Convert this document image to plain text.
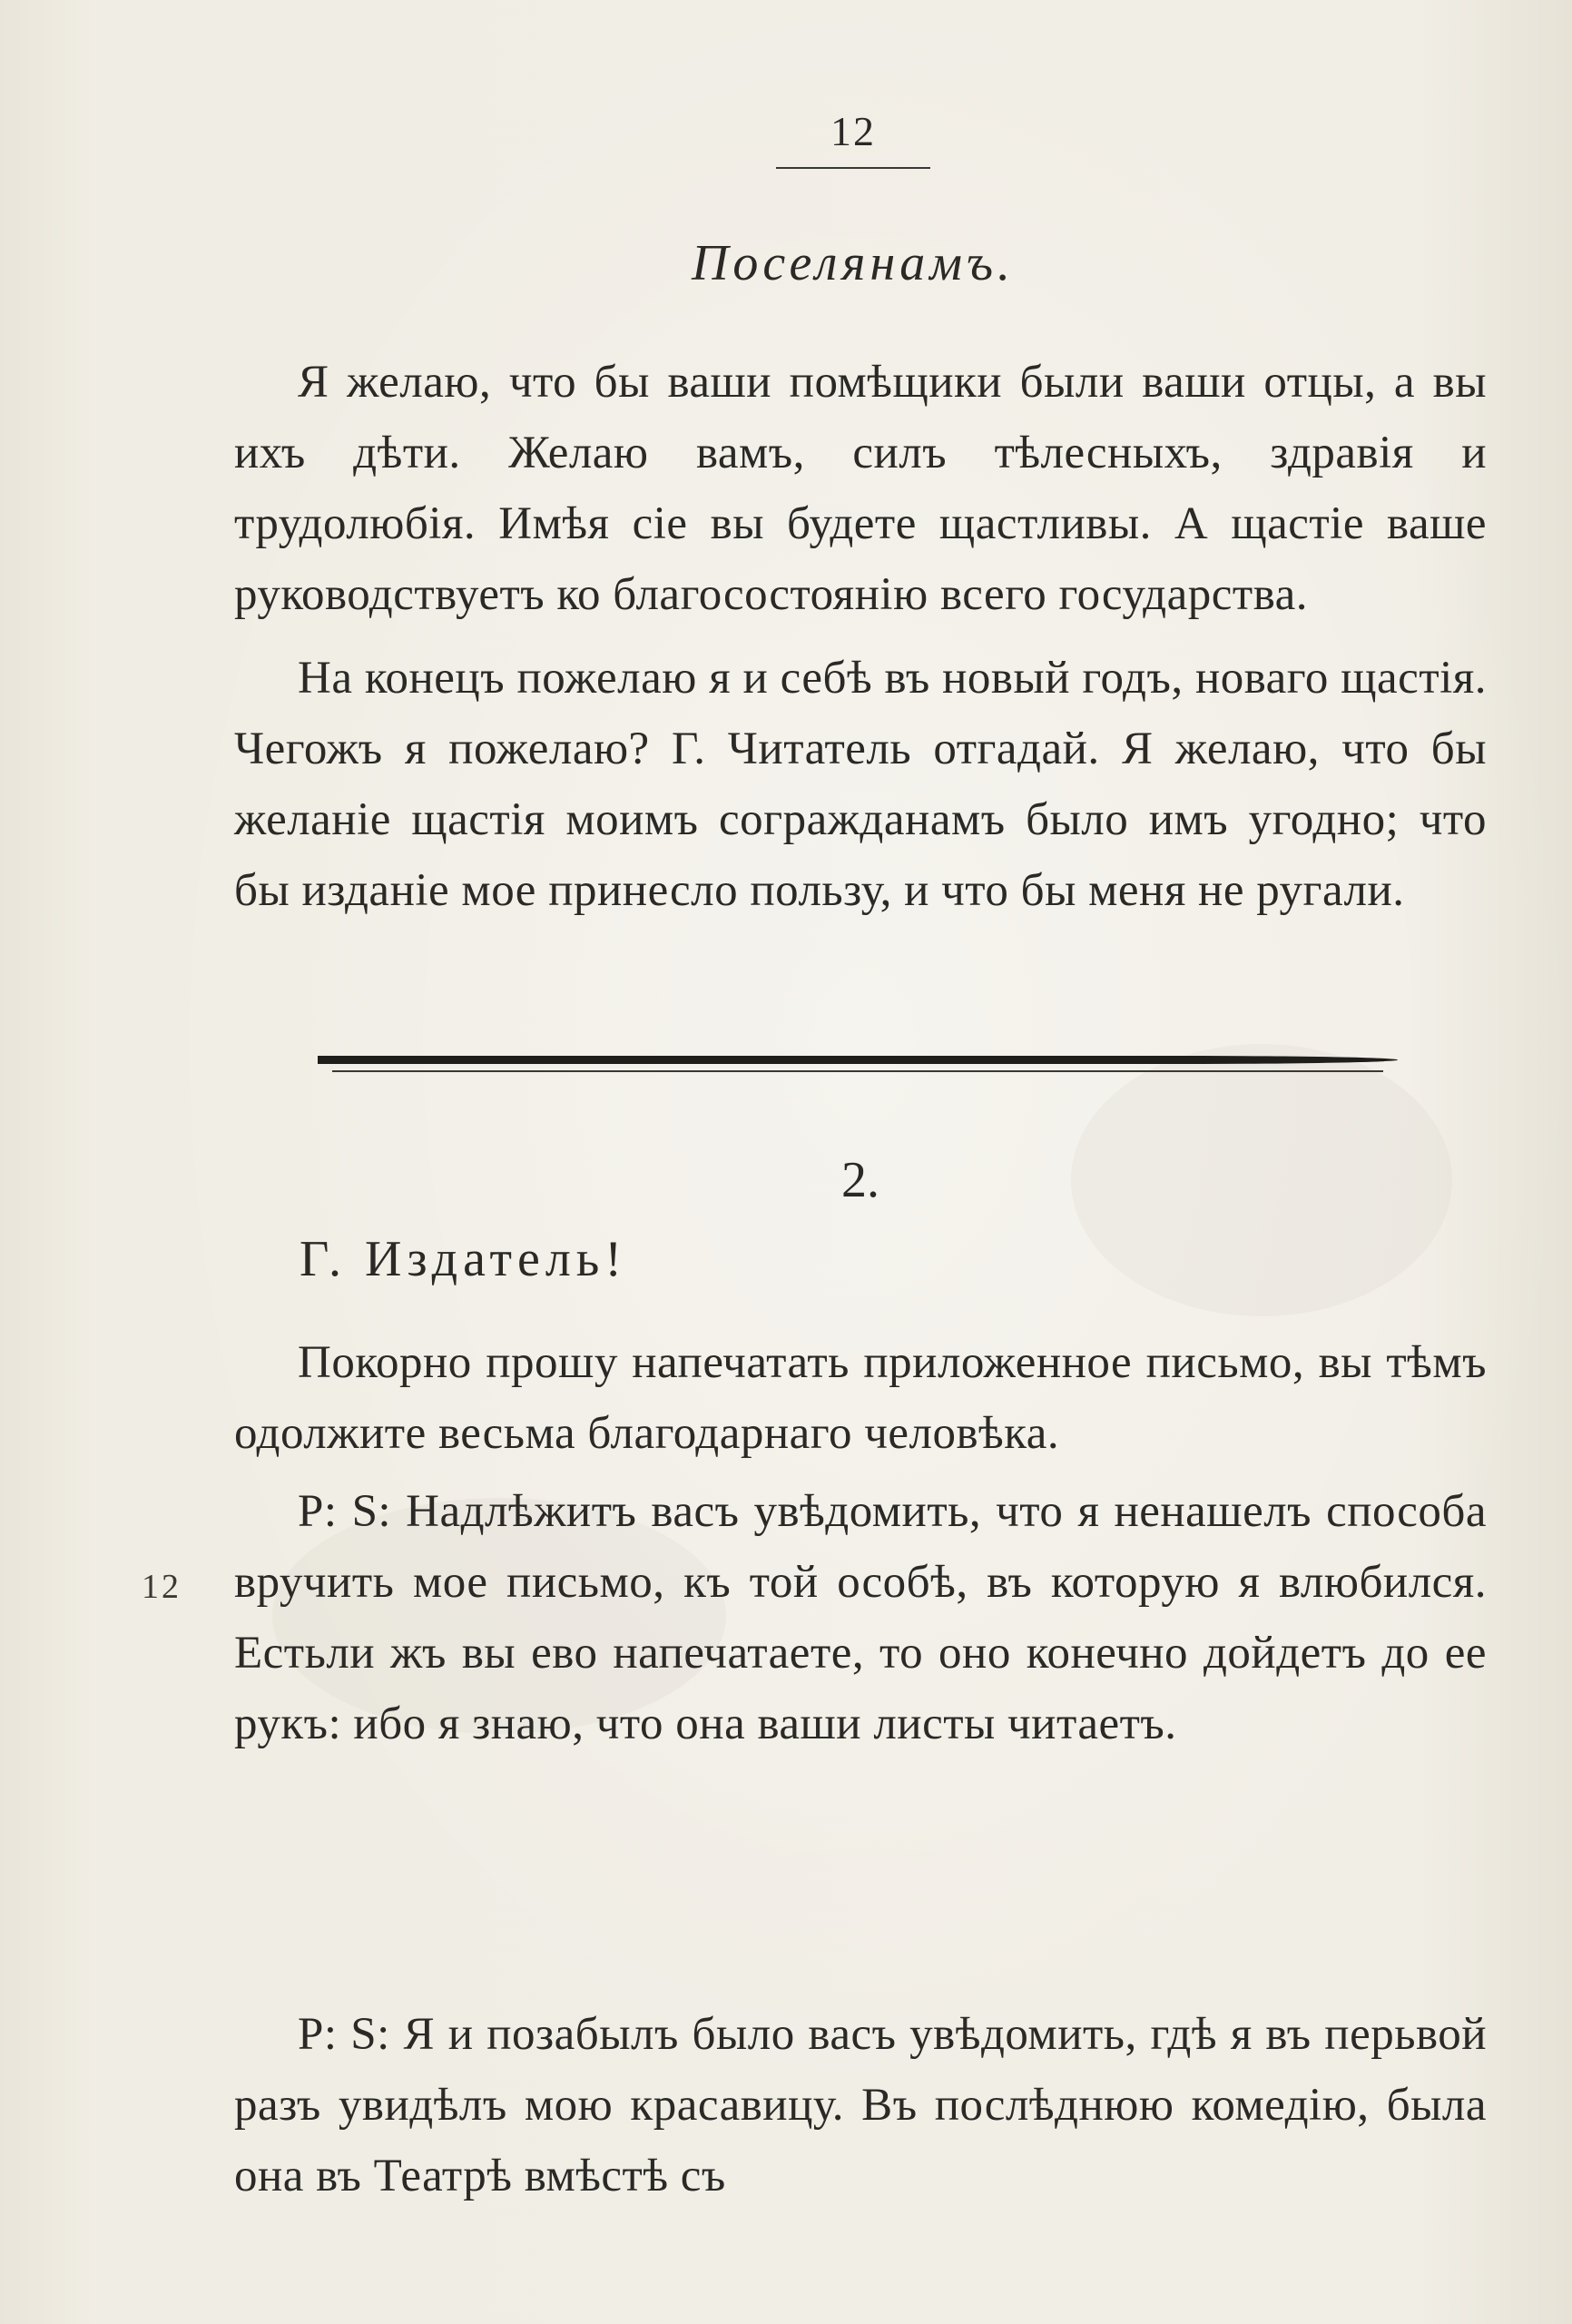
12
Поселянамъ.

Я желаю, что бы ваши помѣщики были ваши отцы, а вы ихъ дѣти. Желаю вамъ, силъ тѣлесныхъ, здравія и трудолюбія. Имѣя сіе вы будете щастливы. А щастіе ваше руководствуетъ ко благосостоянію всего государства.

На конецъ пожелаю я и себѣ въ новый годъ, новаго щастія. Чегожъ я пожелаю? Г. Читатель отгадай. Я желаю, что бы желаніе щастія моимъ согражданамъ было имъ угодно; что бы изданіе мое принесло пользу, и что бы меня не ругали.

2.
Г. Издатель!

Покорно прошу напечатать приложенное письмо, вы тѣмъ одолжите весьма благодарнаго человѣка.

P: S: Надлѣжитъ васъ увѣдомить, что я ненашелъ способа вручить мое письмо, къ той особѣ, въ которую я влюбился. Естьли жъ вы ево напечатаете, то оно конечно дойдетъ до ее рукъ: ибо я знаю, что она ваши листы читаетъ.

12

P: S: Я и позабылъ было васъ увѣдомить, гдѣ я въ перьвой разъ увидѣлъ мою красавицу. Въ послѣднюю комедію, была она въ Театрѣ вмѣстѣ съ
